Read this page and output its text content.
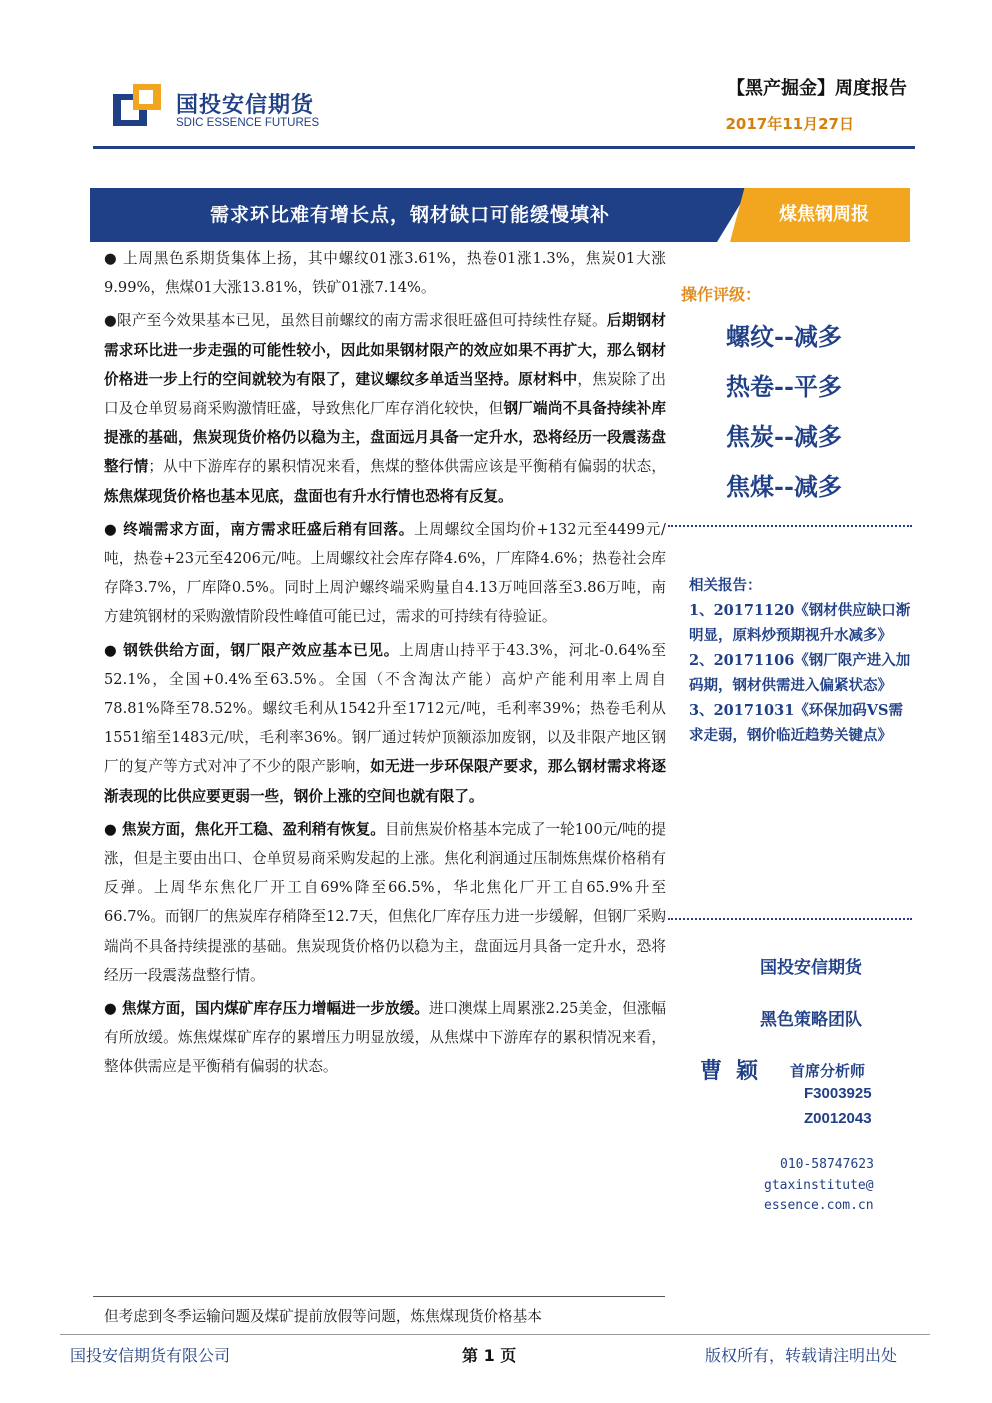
国投安信期货
SDIC ESSENCE FUTURES
【黑产掘金】周度报告
2017年11月27日
需求环比难有增长点，钢材缺口可能缓慢填补	煤焦钢周报

● 上周黑色系期货集体上扬，其中螺纹01涨3.61%，热卷01涨1.3%，焦炭01大涨9.99%，焦煤01大涨13.81%，铁矿01涨7.14%。

●限产至今效果基本已见，虽然目前螺纹的南方需求很旺盛但可持续性存疑。后期钢材需求环比进一步走强的可能性较小，因此如果钢材限产的效应如果不再扩大，那么钢材价格进一步上行的空间就较为有限了，建议螺纹多单适当坚持。原材料中，焦炭除了出口及仓单贸易商采购激情旺盛，导致焦化厂库存消化较快，但钢厂端尚不具备持续补库提涨的基础，焦炭现货价格仍以稳为主，盘面远月具备一定升水，恐将经历一段震荡盘整行情；从中下游库存的累积情况来看，焦煤的整体供需应该是平衡稍有偏弱的状态，炼焦煤现货价格也基本见底，盘面也有升水行情也恐将有反复。

● 终端需求方面，南方需求旺盛后稍有回落。上周螺纹全国均价+132元至4499元/吨，热卷+23元至4206元/吨。上周螺纹社会库存降4.6%，厂库降4.6%；热卷社会库存降3.7%，厂库降0.5%。同时上周沪螺终端采购量自4.13万吨回落至3.86万吨，南方建筑钢材的采购激情阶段性峰值可能已过，需求的可持续有待验证。

● 钢铁供给方面，钢厂限产效应基本已见。上周唐山持平于43.3%，河北-0.64%至52.1%，全国+0.4%至63.5%。全国（不含淘汰产能）高炉产能利用率上周自78.81%降至78.52%。螺纹毛利从1542升至1712元/吨，毛利率39%；热卷毛利从1551缩至1483元/吠，毛利率36%。钢厂通过转炉顶额添加废钢，以及非限产地区钢厂的复产等方式对冲了不少的限产影响，如无进一步环保限产要求，那么钢材需求将逐渐表现的比供应要更弱一些，钢价上涨的空间也就有限了。

● 焦炭方面，焦化开工稳、盈利稍有恢复。目前焦炭价格基本完成了一轮100元/吨的提涨，但是主要由出口、仓单贸易商采购发起的上涨。焦化利润通过压制炼焦煤价格稍有反弹。上周华东焦化厂开工自69%降至66.5%，华北焦化厂开工自65.9%升至66.7%。而钢厂的焦炭库存稍降至12.7天，但焦化厂库存压力进一步缓解，但钢厂采购端尚不具备持续提涨的基础。焦炭现货价格仍以稳为主，盘面远月具备一定升水，恐将经历一段震荡盘整行情。

● 焦煤方面，国内煤矿库存压力增幅进一步放缓。进口澳煤上周累涨2.25美金，但涨幅有所放缓。炼焦煤煤矿库存的累增压力明显放缓，从焦煤中下游库存的累积情况来看，整体供需应是平衡稍有偏弱的状态。

但考虑到冬季运输问题及煤矿提前放假等问题，炼焦煤现货价格基本
操作评级：
螺纹--减多
热卷--平多
焦炭--减多
焦煤--减多
相关报告：

1、20171120《钢材供应缺口渐明显，原料炒预期视升水减多》

2、20171106《钢厂限产进入加码期，钢材供需进入偏紧状态》

3、20171031《环保加码VS需求走弱，钢价临近趋势关键点》

国投安信期货
黑色策略团队
曹颖 首席分析师
F3003925
Z0012043
010-58747623
gtaxinstitute@
essence.com.cn
国投安信期货有限公司	第 1 页	版权所有，转载请注明出处
